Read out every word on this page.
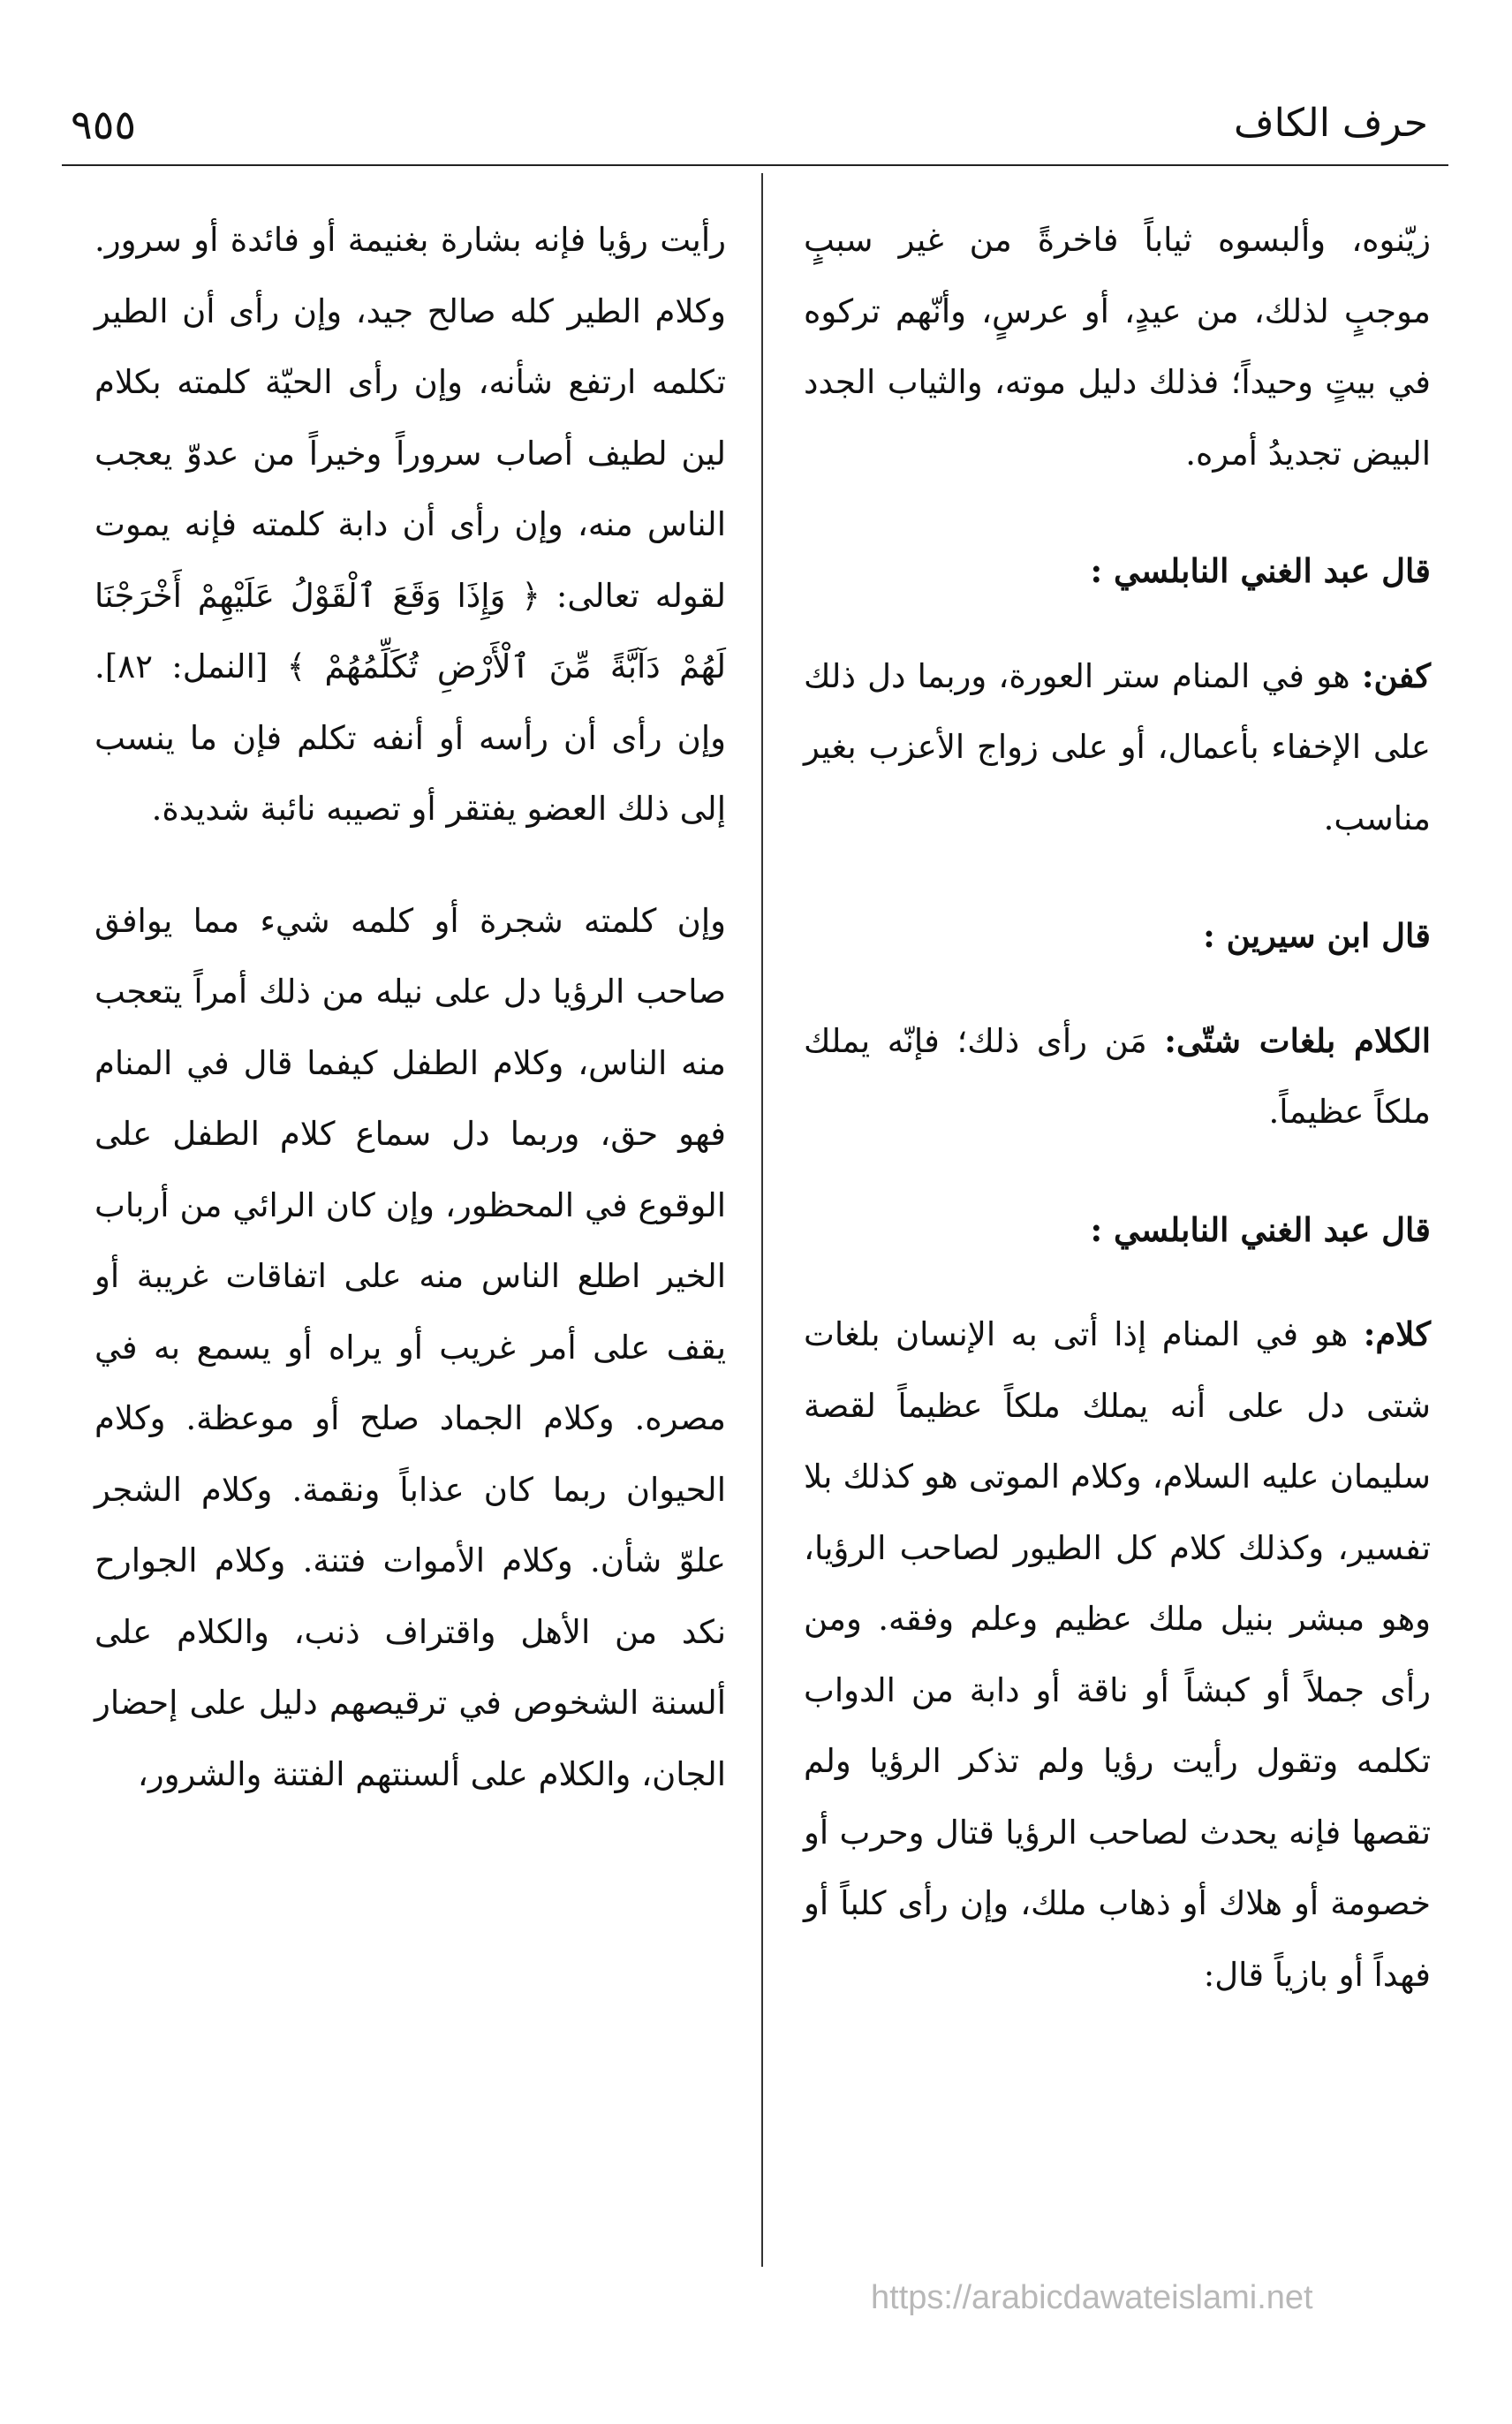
حرف الكاف
٩٥٥

زيّنوه، وألبسوه ثياباً فاخرةً من غير سببٍ موجبٍ لذلك، من عيدٍ، أو عرسٍ، وأنّهم تركوه في بيتٍ وحيداً؛ فذلك دليل موته، والثياب الجدد البيض تجديدُ أمره.

قال عبد الغني النابلسي :

كفن: هو في المنام ستر العورة، وربما دل ذلك على الإخفاء بأعمال، أو على زواج الأعزب بغير مناسب.

قال ابن سيرين :

الكلام بلغات شتّى: مَن رأى ذلك؛ فإنّه يملك ملكاً عظيماً.

قال عبد الغني النابلسي :

كلام: هو في المنام إذا أتى به الإنسان بلغات شتى دل على أنه يملك ملكاً عظيماً لقصة سليمان عليه السلام، وكلام الموتى هو كذلك بلا تفسير، وكذلك كلام كل الطيور لصاحب الرؤيا، وهو مبشر بنيل ملك عظيم وعلم وفقه. ومن رأى جملاً أو كبشاً أو ناقة أو دابة من الدواب تكلمه وتقول رأيت رؤيا ولم تذكر الرؤيا ولم تقصها فإنه يحدث لصاحب الرؤيا قتال وحرب أو خصومة أو هلاك أو ذهاب ملك، وإن رأى كلباً أو فهداً أو بازياً قال:

رأيت رؤيا فإنه بشارة بغنيمة أو فائدة أو سرور. وكلام الطير كله صالح جيد، وإن رأى أن الطير تكلمه ارتفع شأنه، وإن رأى الحيّة كلمته بكلام لين لطيف أصاب سروراً وخيراً من عدوّ يعجب الناس منه، وإن رأى أن دابة كلمته فإنه يموت لقوله تعالى: ﴿ وَإِذَا وَقَعَ ٱلْقَوْلُ عَلَيْهِمْ أَخْرَجْنَا لَهُمْ دَآبَّةً مِّنَ ٱلْأَرْضِ تُكَلِّمُهُمْ ﴾ [النمل: ٨٢]. وإن رأى أن رأسه أو أنفه تكلم فإن ما ينسب إلى ذلك العضو يفتقر أو تصيبه نائبة شديدة.

وإن كلمته شجرة أو كلمه شيء مما يوافق صاحب الرؤيا دل على نيله من ذلك أمراً يتعجب منه الناس، وكلام الطفل كيفما قال في المنام فهو حق، وربما دل سماع كلام الطفل على الوقوع في المحظور، وإن كان الرائي من أرباب الخير اطلع الناس منه على اتفاقات غريبة أو يقف على أمر غريب أو يراه أو يسمع به في مصره. وكلام الجماد صلح أو موعظة. وكلام الحيوان ربما كان عذاباً ونقمة. وكلام الشجر علوّ شأن. وكلام الأموات فتنة. وكلام الجوارح نكد من الأهل واقتراف ذنب، والكلام على ألسنة الشخوص في ترقيصهم دليل على إحضار الجان، والكلام على ألسنتهم الفتنة والشرور،

https://arabicdawateislami.net
